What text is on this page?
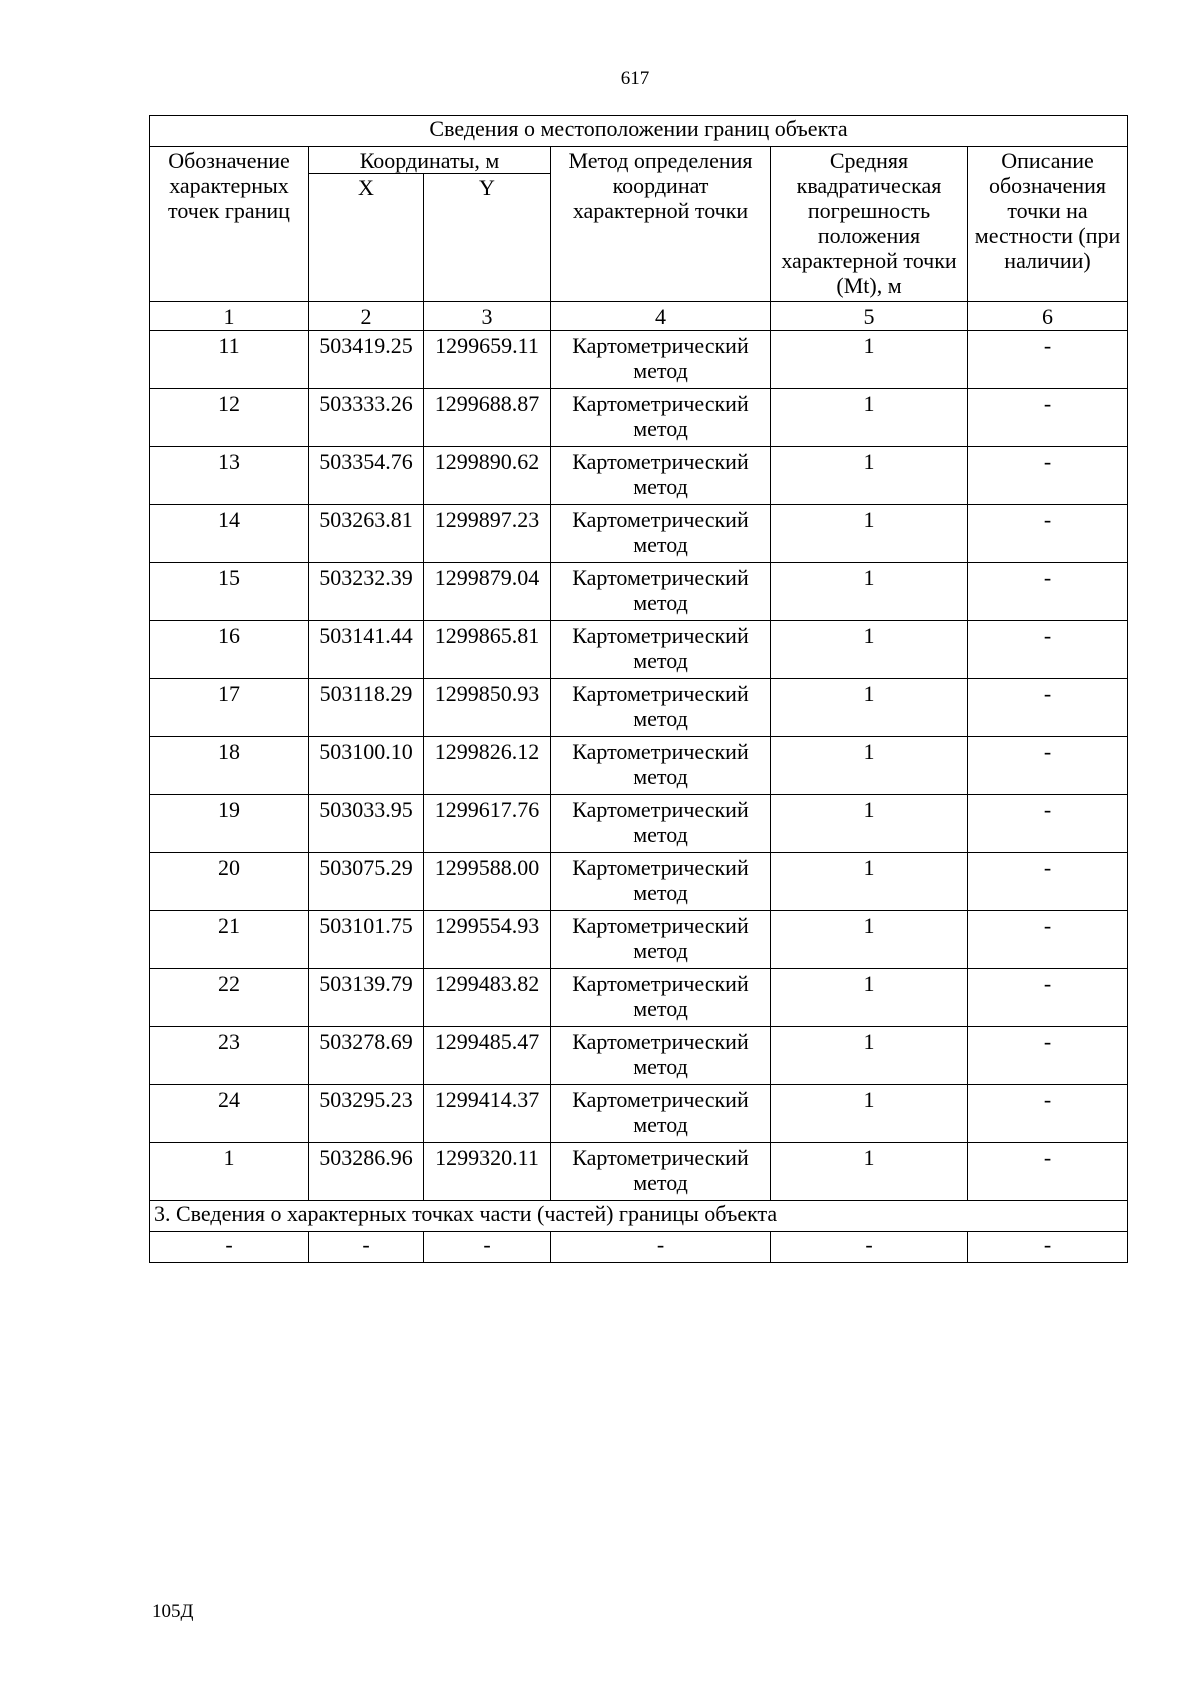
617
Сведения о местоположении границ объекта					
Обозначение характерных точек границ	Координаты, м		Метод определения координат характерной точки	Средняя квадратическая погрешность положения характерной точки (Mt), м	Описание обозначения точки на местности (при наличии)
	X	Y			
1	2	3	4	5	6
11	503419.25	1299659.11	Картометрический метод	1	-
12	503333.26	1299688.87	Картометрический метод	1	-
13	503354.76	1299890.62	Картометрический метод	1	-
14	503263.81	1299897.23	Картометрический метод	1	-
15	503232.39	1299879.04	Картометрический метод	1	-
16	503141.44	1299865.81	Картометрический метод	1	-
17	503118.29	1299850.93	Картометрический метод	1	-
18	503100.10	1299826.12	Картометрический метод	1	-
19	503033.95	1299617.76	Картометрический метод	1	-
20	503075.29	1299588.00	Картометрический метод	1	-
21	503101.75	1299554.93	Картометрический метод	1	-
22	503139.79	1299483.82	Картометрический метод	1	-
23	503278.69	1299485.47	Картометрический метод	1	-
24	503295.23	1299414.37	Картометрический метод	1	-
1	503286.96	1299320.11	Картометрический метод	1	-
3. Сведения о характерных точках части (частей) границы объекта					
-	-	-	-	-	-
105Д
